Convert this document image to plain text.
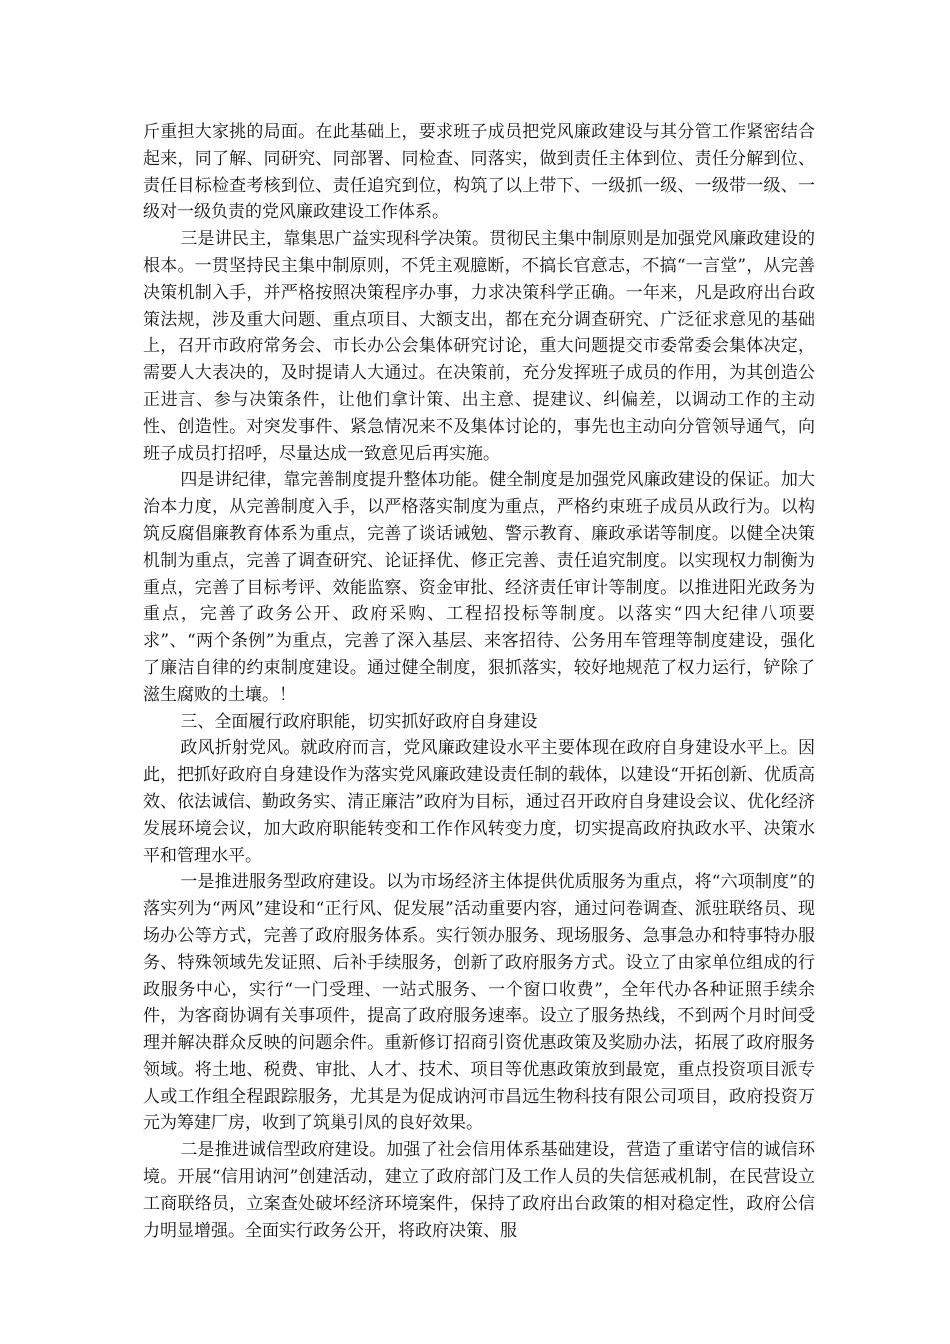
斤重担大家挑的局面。在此基础上，要求班子成员把党风廉政建设与其分管工作紧密结合起来，同了解、同研究、同部署、同检查、同落实，做到责任主体到位、责任分解到位、责任目标检查考核到位、责任追究到位，构筑了以上带下、一级抓一级、一级带一级、一级对一级负责的党风廉政建设工作体系。

三是讲民主，靠集思广益实现科学决策。贯彻民主集中制原则是加强党风廉政建设的根本。一贯坚持民主集中制原则，不凭主观臆断，不搞长官意志，不搞“一言堂”，从完善决策机制入手，并严格按照决策程序办事，力求决策科学正确。一年来，凡是政府出台政策法规，涉及重大问题、重点项目、大额支出，都在充分调查研究、广泛征求意见的基础上，召开市政府常务会、市长办公会集体研究讨论，重大问题提交市委常委会集体决定，需要人大表决的，及时提请人大通过。在决策前，充分发挥班子成员的作用，为其创造公正进言、参与决策条件，让他们拿计策、出主意、提建议、纠偏差，以调动工作的主动性、创造性。对突发事件、紧急情况来不及集体讨论的，事先也主动向分管领导通气，向班子成员打招呼，尽量达成一致意见后再实施。

四是讲纪律，靠完善制度提升整体功能。健全制度是加强党风廉政建设的保证。加大治本力度，从完善制度入手，以严格落实制度为重点，严格约束班子成员从政行为。以构筑反腐倡廉教育体系为重点，完善了谈话诫勉、警示教育、廉政承诺等制度。以健全决策机制为重点，完善了调查研究、论证择优、修正完善、责任追究制度。以实现权力制衡为重点，完善了目标考评、效能监察、资金审批、经济责任审计等制度。以推进阳光政务为重点，完善了政务公开、政府采购、工程招投标等制度。以落实“四大纪律八项要求”、“两个条例”为重点，完善了深入基层、来客招待、公务用车管理等制度建设，强化了廉洁自律的约束制度建设。通过健全制度，狠抓落实，较好地规范了权力运行，铲除了滋生腐败的土壤。！

三、全面履行政府职能，切实抓好政府自身建设

政风折射党风。就政府而言，党风廉政建设水平主要体现在政府自身建设水平上。因此，把抓好政府自身建设作为落实党风廉政建设责任制的载体，以建设“开拓创新、优质高效、依法诚信、勤政务实、清正廉洁”政府为目标，通过召开政府自身建设会议、优化经济发展环境会议，加大政府职能转变和工作作风转变力度，切实提高政府执政水平、决策水平和管理水平。

一是推进服务型政府建设。以为市场经济主体提供优质服务为重点，将“六项制度”的落实列为“两风”建设和“正行风、促发展”活动重要内容，通过问卷调查、派驻联络员、现场办公等方式，完善了政府服务体系。实行领办服务、现场服务、急事急办和特事特办服务、特殊领域先发证照、后补手续服务，创新了政府服务方式。设立了由家单位组成的行政服务中心，实行“一门受理、一站式服务、一个窗口收费”，全年代办各种证照手续余件，为客商协调有关事项件，提高了政府服务速率。设立了服务热线，不到两个月时间受理并解决群众反映的问题余件。重新修订招商引资优惠政策及奖励办法，拓展了政府服务领域。将土地、税费、审批、人才、技术、项目等优惠政策放到最宽，重点投资项目派专人或工作组全程跟踪服务，尤其是为促成讷河市昌远生物科技有限公司项目，政府投资万元为筹建厂房，收到了筑巢引凤的良好效果。

二是推进诚信型政府建设。加强了社会信用体系基础建设，营造了重诺守信的诚信环境。开展“信用讷河”创建活动，建立了政府部门及工作人员的失信惩戒机制，在民营设立工商联络员，立案查处破坏经济环境案件，保持了政府出台政策的相对稳定性，政府公信力明显增强。全面实行政务公开，将政府决策、服
